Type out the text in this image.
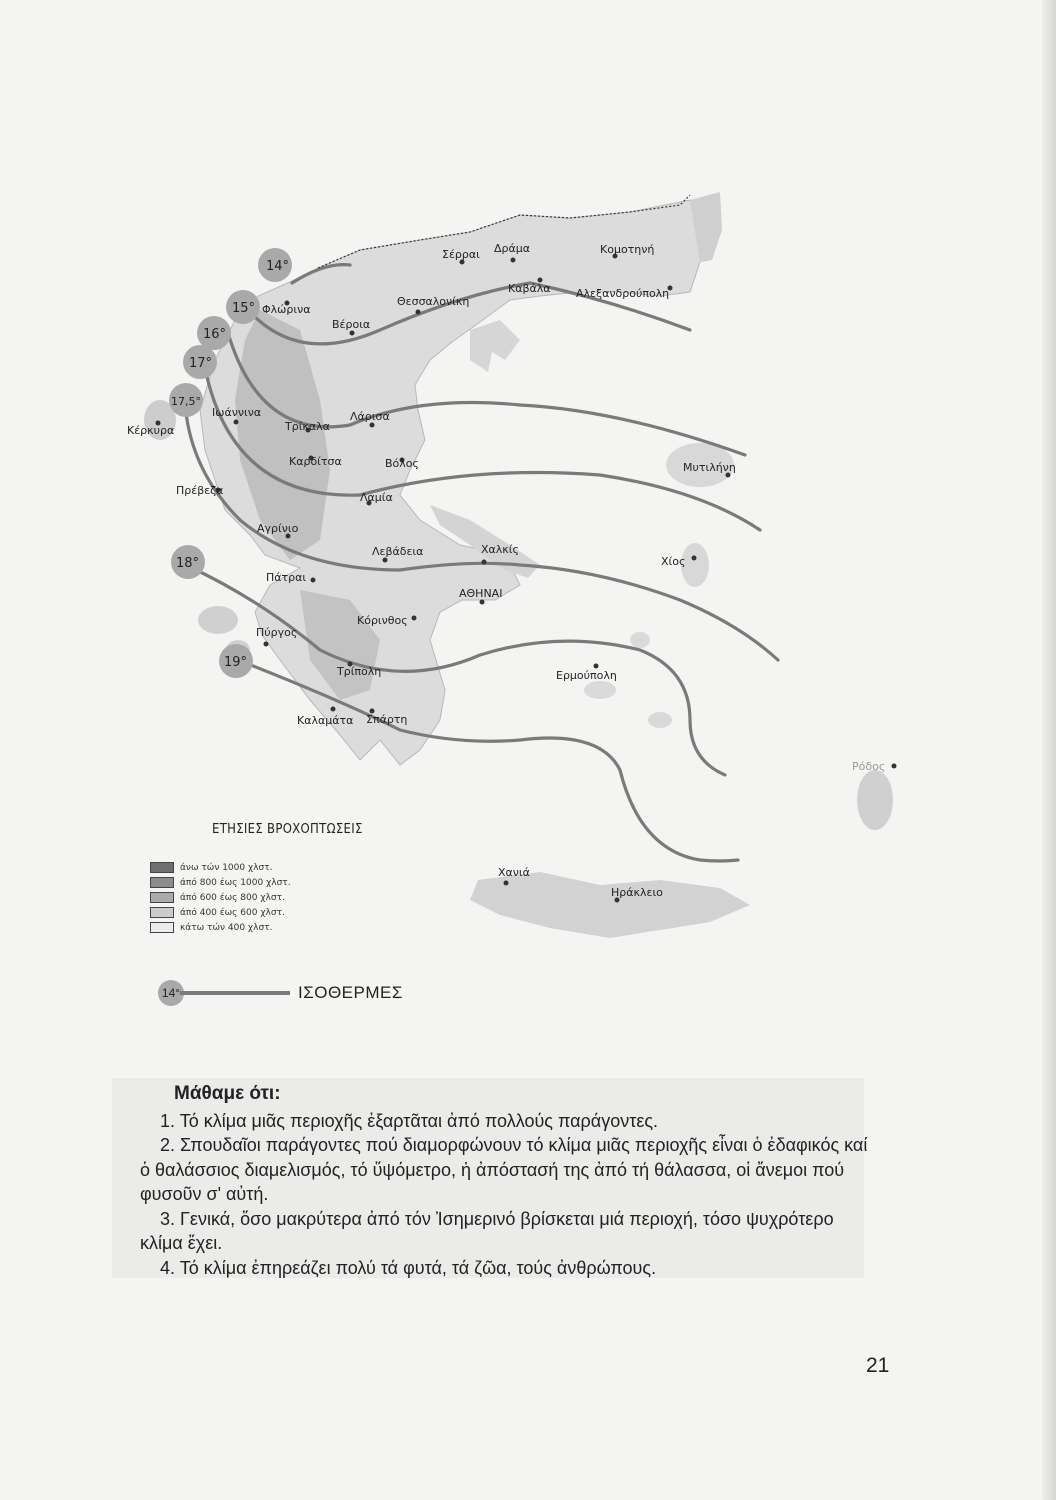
14°
15°
16°
17°
17,5°
18°
19°
Σέρραι Δράμα	Κομοτηνή
Καβάλα Αλεξανδρούπολη
Θεσσαλονίκη
Φλώρινα
Βέροια
Ιωάννινα
Κέρκυρα	Τρίκαλα
Λάρισα
Καρδίτσα	Βόλος
Πρέβεζα
Λαμία
Αγρίνιο
Λεβάδεια	Χαλκίς
Πάτραι
ΑΘΗΝΑΙ
Κόρινθος
Πύργος
Τρίπολη
Καλαμάτα Σπάρτη
Ερμούπολη
Μυτιλήνη
Χίος
Ρόδος
Χανιά
Ηράκλειο
ΕΤΗΣΙΕΣ ΒΡΟΧΟΠΤΩΣΕΙΣ
άνω τών 1000 χλστ.
άπό 800 έως 1000 χλστ.
άπό 600 έως 800 χλστ.
άπό 400 έως 600 χλστ.
κάτω τών 400 χλστ.
14°	ΙΣΟΘΕΡΜΕΣ
Μάθαμε ότι:

1. Τό κλίμα μιᾶς περιοχῆς ἐξαρτᾶται ἀπό πολλούς παράγοντες.

2. Σπουδαῖοι παράγοντες πού διαμορφώνουν τό κλίμα μιᾶς περιοχῆς εἶναι ὁ ἐδαφικός καί ὁ θαλάσσιος διαμελισμός, τό ὕψόμετρο, ἡ ἀπόστασή της ἀπό τή θάλασσα, οἱ ἄνεμοι πού φυσοῦν σ' αὐτή.

3. Γενικά, ὅσο μακρύτερα ἀπό τόν Ἰσημερινό βρίσκεται μιά περιοχή, τόσο ψυχρότερο κλίμα ἔχει.

4. Τό κλίμα ἐπηρεάζει πολύ τά φυτά, τά ζῶα, τούς ἀνθρώπους.

21
